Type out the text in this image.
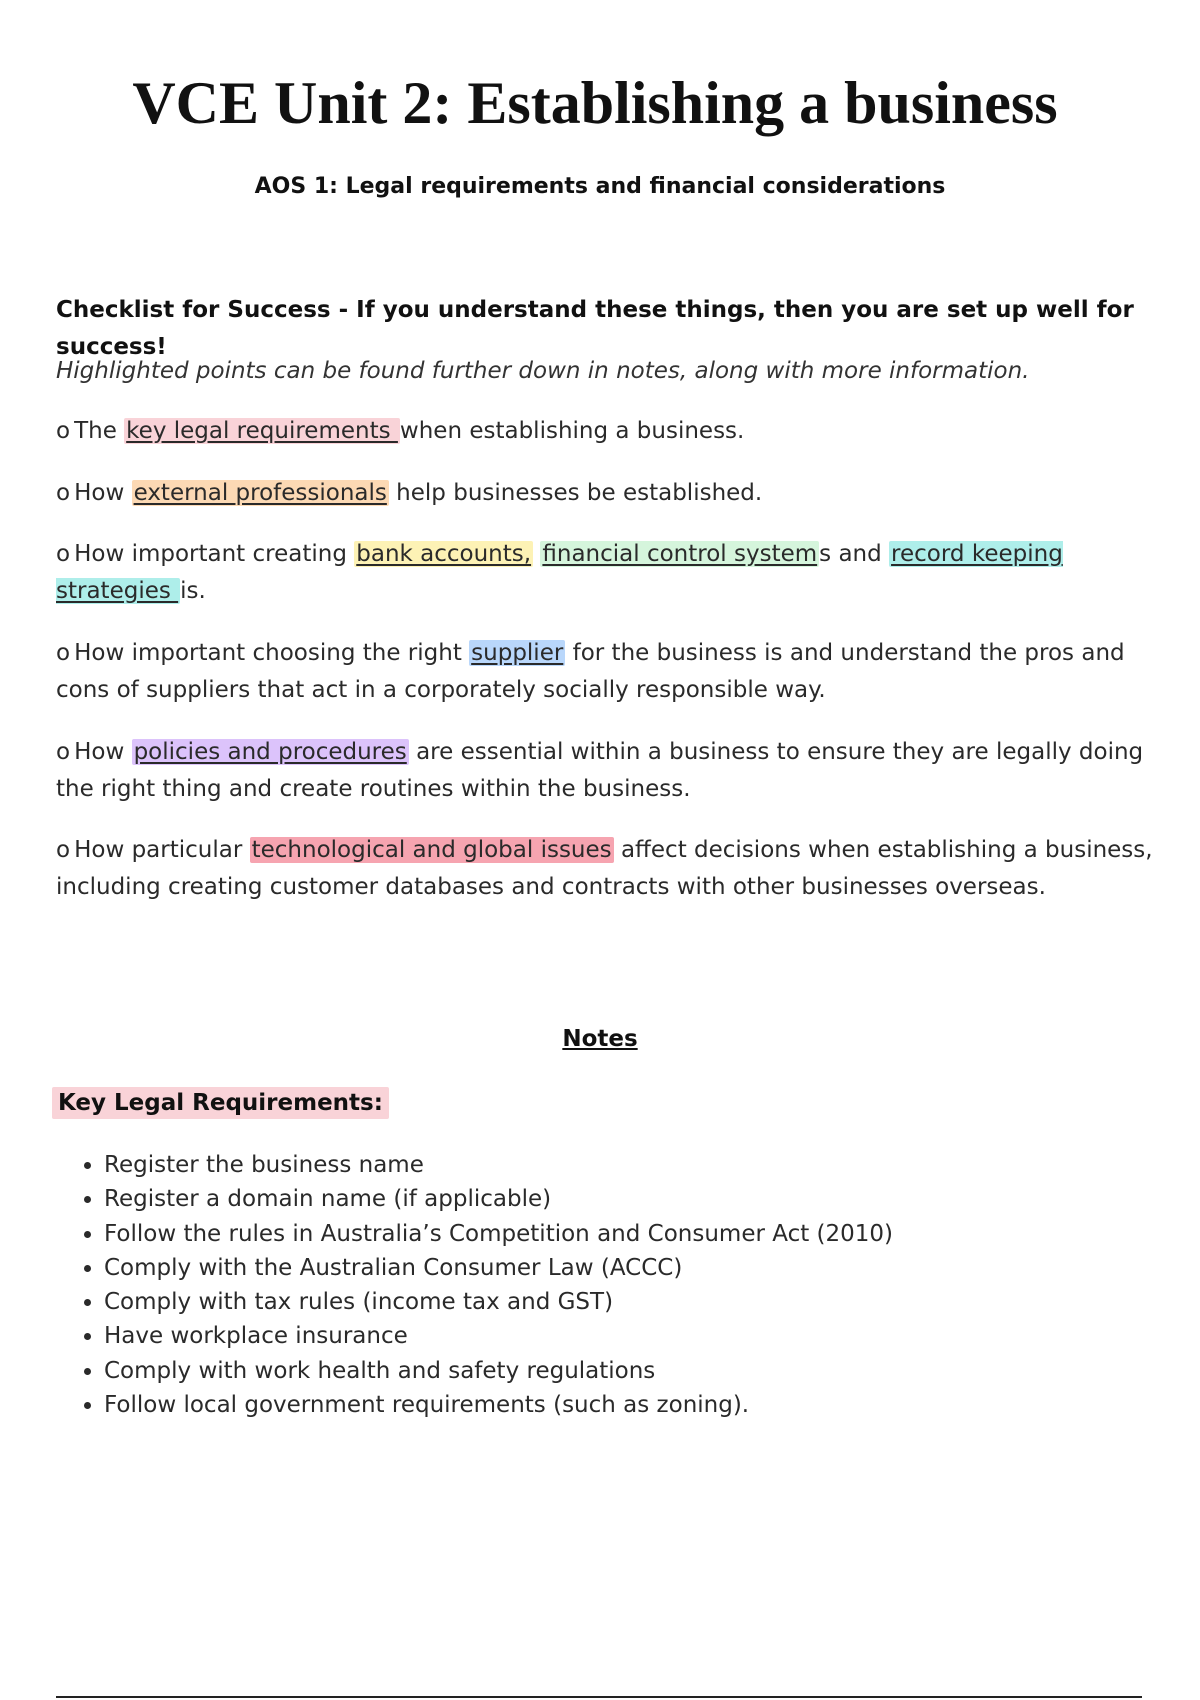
VCE Unit 2: Establishing a business
AOS 1: Legal requirements and financial considerations
Checklist for Success - If you understand these things, then you are set up well for success!
Highlighted points can be found further down in notes, along with more information.
o The key legal requirements when establishing a business.
o How external professionals help businesses be established.
o How important creating bank accounts, financial control systems and record keeping strategies is.
o How important choosing the right supplier for the business is and understand the pros and cons of suppliers that act in a corporately socially responsible way.
o How policies and procedures are essential within a business to ensure they are legally doing the right thing and create routines within the business.
o How particular technological and global issues affect decisions when establishing a business, including creating customer databases and contracts with other businesses overseas.
Notes
Key Legal Requirements:
• Register the business name
• Register a domain name (if applicable)
• Follow the rules in Australia’s Competition and Consumer Act (2010)
• Comply with the Australian Consumer Law (ACCC)
• Comply with tax rules (income tax and GST)
• Have workplace insurance
• Comply with work health and safety regulations
• Follow local government requirements (such as zoning).
